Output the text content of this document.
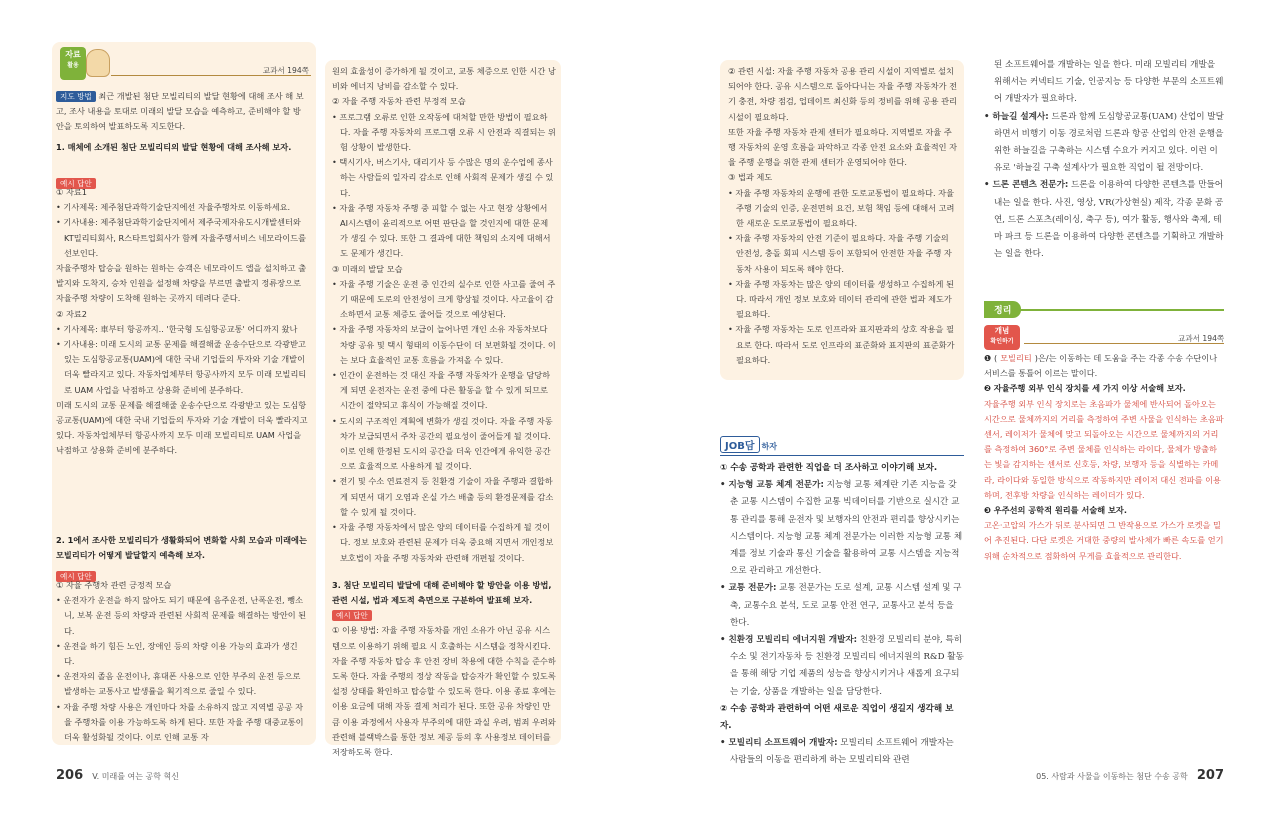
자료
활용
교과서 194쪽
지도 방법 최근 개발된 첨단 모빌리티의 발달 현황에 대해 조사 해 보고, 조사 내용을 토대로 미래의 발달 모습을 예측하고, 준비해야 할 방안을 토의하여 발표하도록 지도한다.
1. 매체에 소개된 첨단 모빌리티의 발달 현황에 대해 조사해 보자.
예시 답안
① 자료1
• 기사제목: 제주첨단과학기술단지에선 자율주행차로 이동하세요.
• 기사내용: 제주첨단과학기술단지에서 제주국제자유도시개발센터와 KT밀리티회사, R스타트업회사가 함께 자율주행서비스 네모라이드를 선보인다.
자율주행차 탑승을 원하는 원하는 승객은 네모라이드 앱을 설치하고 출발지와 도착지, 승차 인원을 설정해 차량을 부르면 출발지 정류장으로 자율주행 차량이 도착해 원하는 곳까지 데려다 준다.
② 자료2
• 기사제목: 車부터 항공까지.. '한국형 도심항공교통' 어디까지 왔나
• 기사내용: 미래 도시의 교통 문제를 해결해줄 운송수단으로 각광받고 있는 도심항공교통(UAM)에 대한 국내 기업들의 투자와 기술 개발이 더욱 빨라지고 있다. 자동차업체부터 항공사까지 모두 미래 모빌리티로 UAM 사업을 낙점하고 상용화 준비에 분주하다.
미래 도시의 교통 문제를 해결해줄 운송수단으로 각광받고 있는 도심항공교통(UAM)에 대한 국내 기업들의 투자와 기술 개발이 더욱 빨라지고 있다. 자동차업체부터 항공사까지 모두 미래 모빌리티로 UAM 사업을 낙점하고 상용화 준비에 분주하다.
2. 1에서 조사한 모빌리티가 생활화되어 변화할 사회 모습과 미래에는 모빌리티가 어떻게 발달할지 예측해 보자.
예시 답안
① 자율 주행차 관련 긍정적 모습
• 운전자가 운전을 하지 않아도 되기 때문에 음주운전, 난폭운전, 뺑소니, 보복 운전 등의 차량과 관련된 사회적 문제를 해결하는 방안이 된다.
• 운전을 하기 힘든 노인, 장애인 등의 차량 이용 가능의 효과가 생긴다.
• 운전자의 졸음 운전이나, 휴대폰 사용으로 인한 부주의 운전 등으로 발생하는 교통사고 발생률을 획기적으로 줄일 수 있다.
• 자율 주행 차량 사용은 개인마다 차를 소유하지 않고 지역별 공공 자율 주행차를 이용 가능하도록 하게 된다. 또한 자율 주행 대중교통이 더욱 활성화될 것이다. 이로 인해 교통 자
원의 효율성이 증가하게 될 것이고, 교통 체증으로 인한 시간 낭비와 에너지 낭비를 감소할 수 있다.
② 자율 주행 자동차 관련 부정적 모습
• 프로그램 오류로 인한 오작동에 대처할 만한 방법이 필요하다. 자율 주행 자동차의 프로그램 오류 시 안전과 직결되는 위험 상황이 발생한다.
• 택시기사, 버스기사, 대리기사 등 수많은 명의 운수업에 종사하는 사람들의 일자리 감소로 인해 사회적 문제가 생길 수 있다.
• 자율 주행 자동차 주행 중 피할 수 없는 사고 현장 상황에서 AI시스템이 윤리적으로 어떤 판단을 할 것인지에 대한 문제가 생길 수 있다. 또한 그 결과에 대한 책임의 소지에 대해서도 문제가 생긴다.
③ 미래의 발달 모습
• 자율 주행 기술은 운전 중 인간의 실수로 인한 사고를 줄여 주기 때문에 도로의 안전성이 크게 향상될 것이다. 사고율이 감소하면서 교통 체증도 줄어들 것으로 예상된다.
• 자율 주행 자동차의 보급이 늘어나면 개인 소유 자동차보다 차량 공유 및 택시 형태의 이동수단이 더 보편화될 것이다. 이는 보다 효율적인 교통 흐름을 가져올 수 있다.
• 인간이 운전하는 것 대신 자율 주행 자동차가 운행을 담당하게 되면 운전자는 운전 중에 다른 활동을 할 수 있게 되므로 시간이 절약되고 휴식이 가능해질 것이다.
• 도시의 구조적인 계획에 변화가 생길 것이다. 자율 주행 자동차가 보급되면서 주차 공간의 필요성이 줄어들게 될 것이다. 이로 인해 한정된 도시의 공간을 더욱 인간에게 유익한 공간으로 효율적으로 사용하게 될 것이다.
• 전기 및 수소 연료전지 등 친환경 기술이 자율 주행과 결합하게 되면서 대기 오염과 온실 가스 배출 등의 환경문제를 감소할 수 있게 될 것이다.
• 자율 주행 자동차에서 많은 양의 데이터를 수집하게 될 것이다. 정보 보호와 관련된 문제가 더욱 중요해 지면서 개인정보보호법이 자율 주행 자동차와 관련해 개편될 것이다.
3. 첨단 모빌리티 발달에 대해 준비해야 할 방안을 이용 방법, 관련 시설, 법과 제도적 측면으로 구분하여 발표해 보자.
예시 답안
① 이용 방법: 자율 주행 자동차를 개인 소유가 아닌 공유 시스템으로 이용하기 위해 필요 시 호출하는 시스템을 정착시킨다. 자율 주행 자동차 탑승 후 안전 장비 착용에 대한 수칙을 준수하도록 한다. 자율 주행의 정상 작동을 탑승자가 확인할 수 있도록 설정 상태를 확인하고 탑승할 수 있도록 한다. 이용 종료 후에는 이용 요금에 대해 자동 결제 처리가 된다. 또한 공유 차량인 만큼 이용 과정에서 사용자 부주의에 대한 과실 우려, 범죄 우려와 관련해 블랙박스를 통한 정보 제공 등의 후 사용정보 데이터를 저장하도록 한다.
② 관련 시설: 자율 주행 자동차 공용 관리 시설이 지역별로 설치되어야 한다. 공유 시스템으로 돌아다니는 자율 주행 자동차가 전기 충전, 차량 점검, 업데이트 최신화 등의 정비를 위해 공용 관리시설이 필요하다.
또한 자율 주행 자동차 관제 센터가 필요하다. 지역별로 자율 주행 자동차의 운영 흐름을 파악하고 각종 안전 요소와 효율적인 자율 주행 운행을 위한 관제 센터가 운영되어야 한다.
③ 법과 제도
• 자율 주행 자동차의 운행에 관한 도로교통법이 필요하다. 자율 주행 기술의 인증, 운전면허 요건, 보험 책임 등에 대해서 고려한 새로운 도로교통법이 필요하다.
• 자율 주행 자동차의 안전 기준이 필요하다. 자율 주행 기술의 안전성, 충돌 회피 시스템 등이 포함되어 안전한 자율 주행 자동차 사용이 되도록 해야 한다.
• 자율 주행 자동차는 많은 양의 데이터를 생성하고 수집하게 된다. 따라서 개인 정보 보호와 데이터 관리에 관한 법과 제도가 필요하다.
• 자율 주행 자동차는 도로 인프라와 표지판과의 상호 작용을 필요로 한다. 따라서 도로 인프라의 표준화와 표지판의 표준화가 필요하다.
JOB담 하자
① 수송 공학과 관련한 직업을 더 조사하고 이야기해 보자.
• 지능형 교통 체계 전문가: 지능형 교통 체계란 기존 지능을 갖춘 교통 시스템이 수집한 교통 빅데이터를 기반으로 실시간 교통 관리를 통해 운전자 및 보행자의 안전과 편리를 향상시키는 시스템이다. 지능형 교통 체계 전문가는 이러한 지능형 교통 체계를 정보 기술과 통신 기술을 활용하여 교통 시스템을 지능적으로 관리하고 개선한다.
• 교통 전문가: 교통 전문가는 도로 설계, 교통 시스템 설계 및 구축, 교통수요 분석, 도로 교통 안전 연구, 교통사고 분석 등을 한다.
• 친환경 모빌리티 에너지원 개발자: 친환경 모빌리티 분야, 특히 수소 및 전기자동차 등 친환경 모빌리티 에너지원의 R&D 활동을 통해 해당 기업 제품의 성능을 향상시키거나 새롭게 요구되는 기술, 상품을 개발하는 일을 담당한다.
② 수송 공학과 관련하여 어떤 새로운 직업이 생길지 생각해 보자.
• 모빌리티 소프트웨어 개발자: 모빌리티 소프트웨어 개발자는 사람들의 이동을 편리하게 하는 모빌리티와 관련
된 소프트웨어를 개발하는 일을 한다. 미래 모빌리티 개발을 위해서는 커넥티드 기술, 인공지능 등 다양한 부문의 소프트웨어 개발자가 필요하다.
• 하늘길 설계사: 드론과 함께 도심항공교통(UAM) 산업이 발달하면서 비행기 이동 경로처럼 드론과 항공 산업의 안전 운행을 위한 하늘길을 구축하는 시스템 수요가 커지고 있다. 이런 이유로 '하늘길 구축 설계사'가 필요한 직업이 될 전망이다.
• 드론 콘텐츠 전문가: 드론을 이용하여 다양한 콘텐츠를 만들어 내는 일을 한다. 사진, 영상, VR(가상현실) 제작, 각종 문화 공연, 드론 스포츠(레이싱, 축구 등), 여가 활동, 행사와 축제, 테마 파크 등 드론을 이용하여 다양한 콘텐츠를 기획하고 개발하는 일을 한다.
정리
개념
확인하기	교과서 194쪽
❶ ( 모빌리티 )은/는 이동하는 데 도움을 주는 각종 수송 수단이나 서비스를 통틀어 이르는 말이다.
❷ 자율주행 외부 인식 장치를 세 가지 이상 서술해 보자.
자율주행 외부 인식 장치로는 초음파가 물체에 반사되어 돌아오는 시간으로 물체까지의 거리를 측정하여 주변 사물을 인식하는 초음파 센서, 레이저가 물체에 맞고 되돌아오는 시간으로 물체까지의 거리를 측정하여 360°로 주변 물체를 인식하는 라이다, 물체가 방출하는 빛을 감지하는 센서로 신호등, 차량, 보행자 등을 식별하는 카메라, 라이다와 동일한 방식으로 작동하지만 레이저 대신 전파를 이용하며, 전후방 차량을 인식하는 레이더가 있다.
❸ 우주선의 공학적 원리를 서술해 보자.
고온·고압의 가스가 뒤로 분사되면 그 반작용으로 가스가 로켓을 밀어 추진된다. 다단 로켓은 거대한 중량의 발사체가 빠른 속도를 얻기 위해 순차적으로 점화하여 무게를 효율적으로 관리한다.
206 V. 미래를 여는 공학 혁신	05. 사람과 사물을 이동하는 첨단 수송 공학 207
